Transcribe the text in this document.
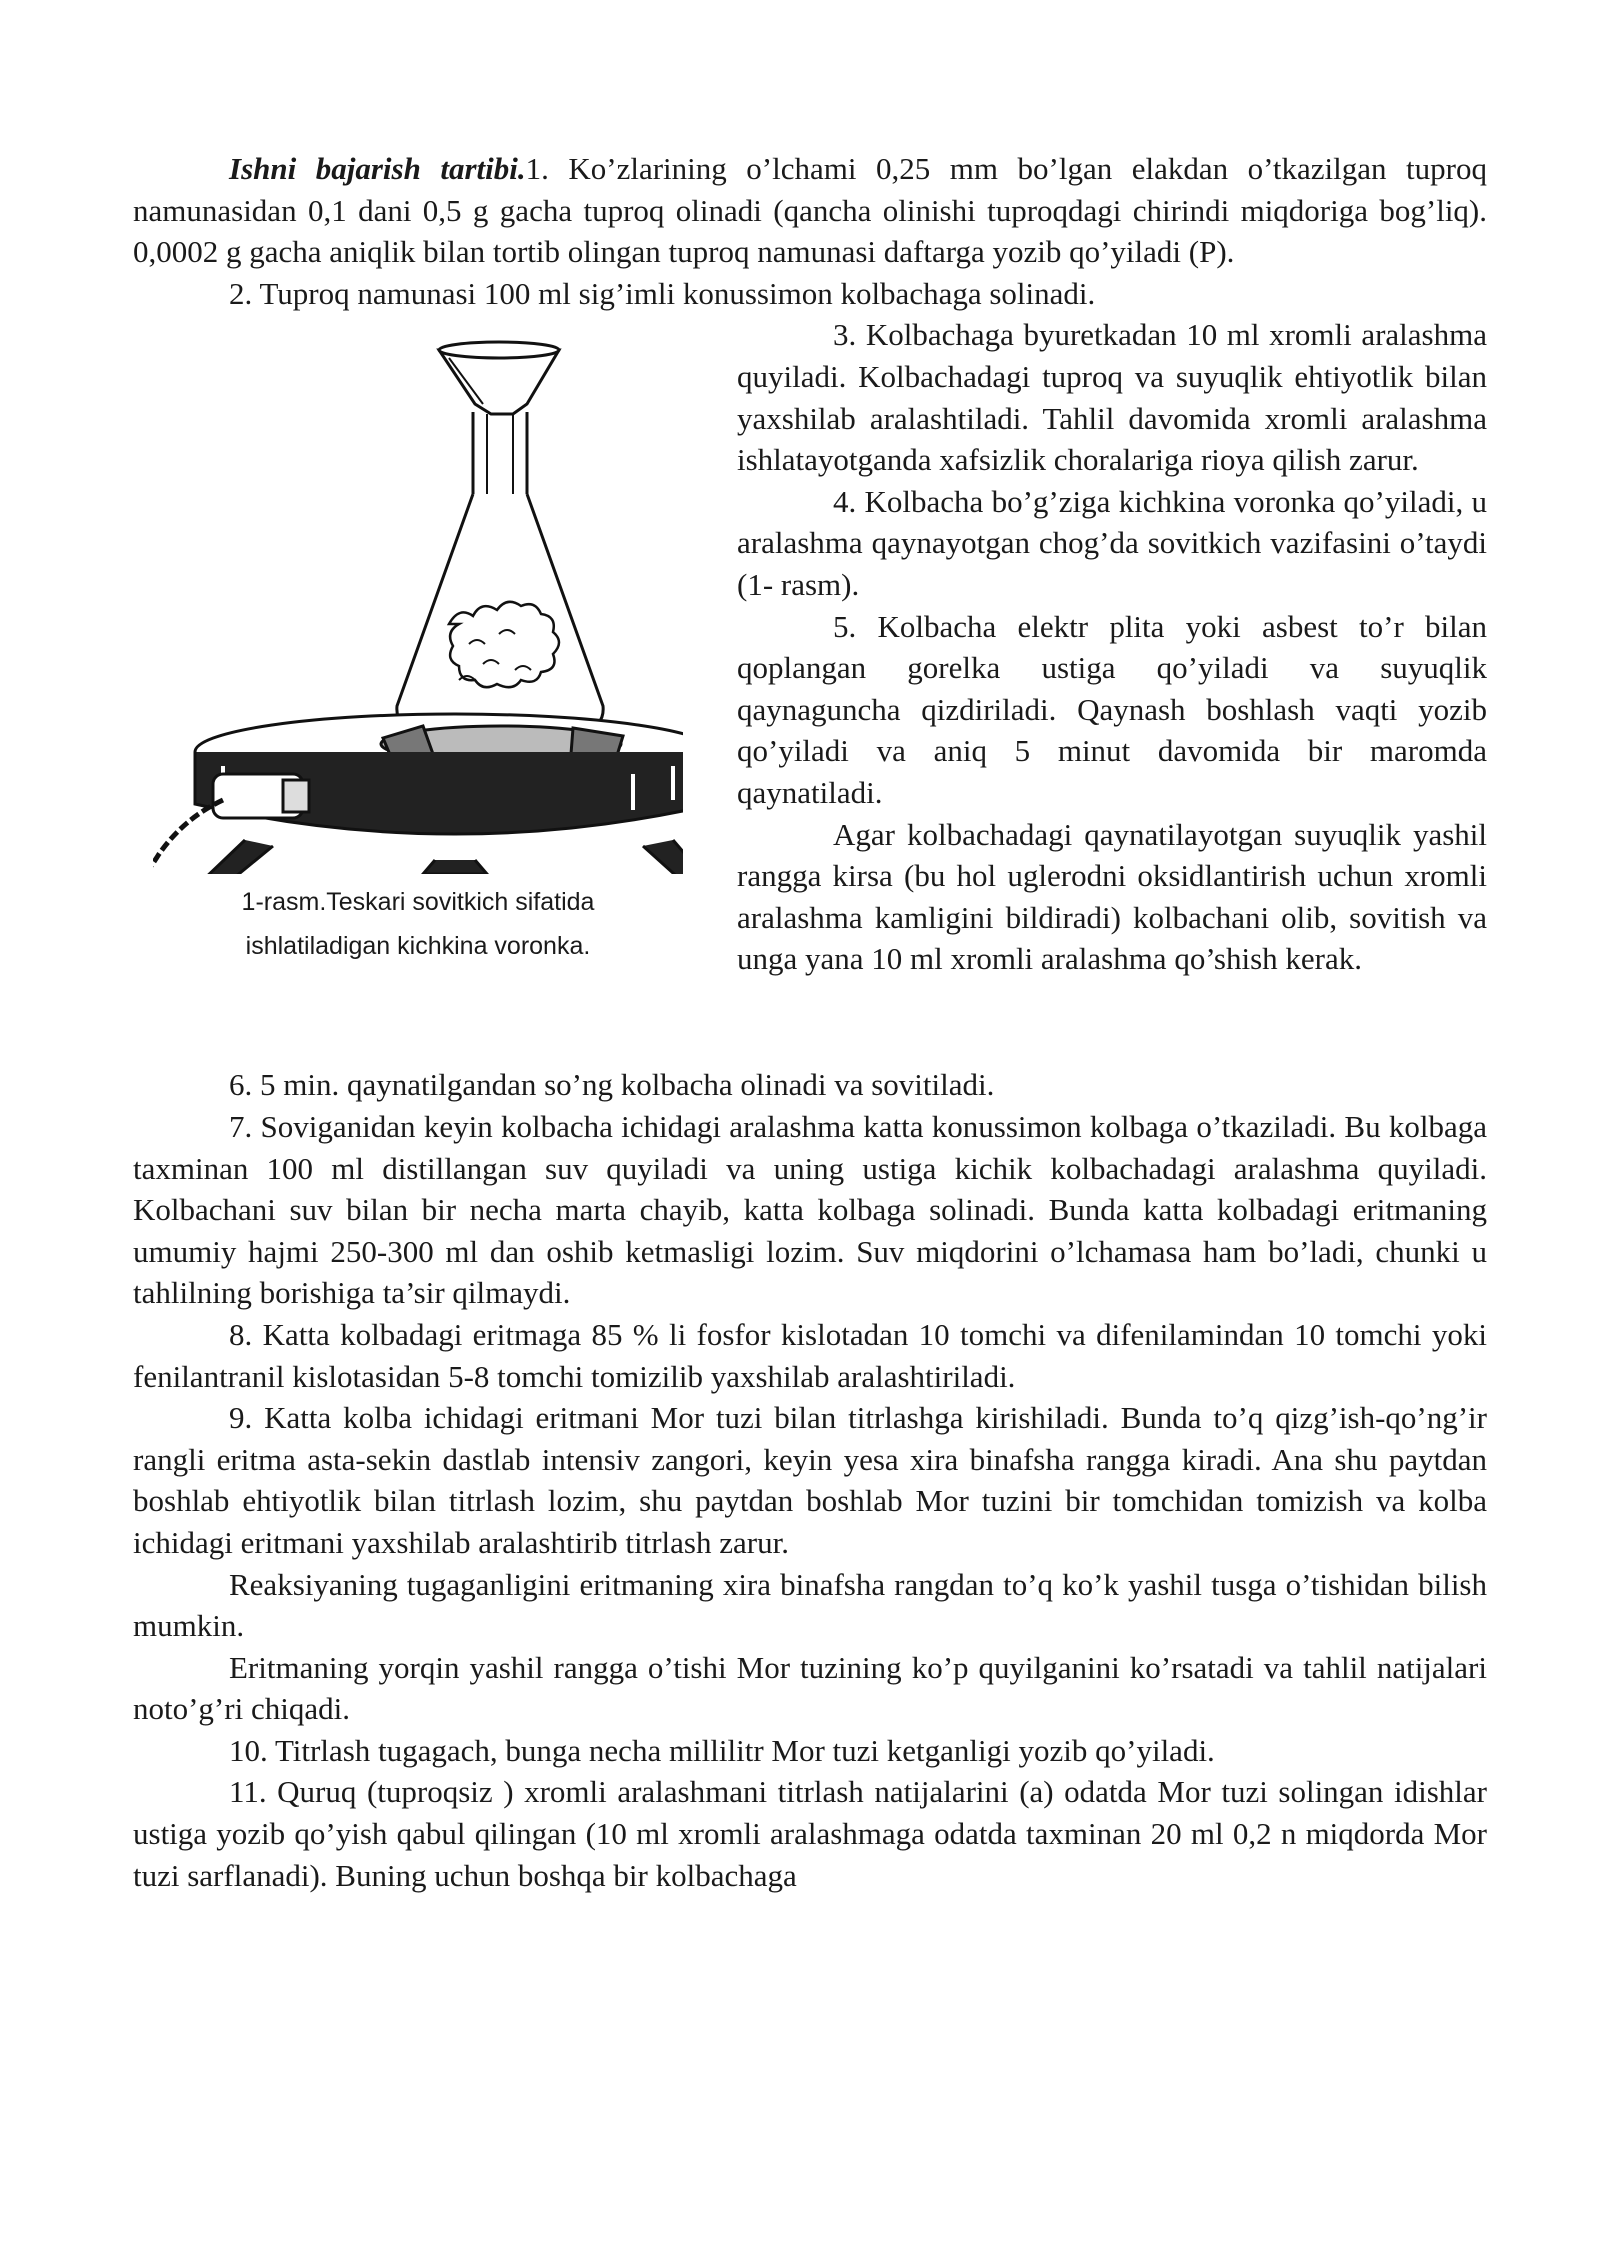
Ishni bajarish tartibi.1. Ko’zlarining o’lchami 0,25 mm bo’lgan elakdan o’tkazilgan tuproq namunasidan 0,1 dani 0,5 g gacha tuproq olinadi (qancha olinishi tuproqdagi chirindi miqdoriga bog’liq). 0,0002 g gacha aniqlik bilan tortib olingan tuproq namunasi daftarga yozib qo’yiladi (P).

2. Tuproq namunasi 100 ml sig’imli konussimon kolbachaga solinadi.

1-rasm.Teskari sovitkich sifatida
ishlatiladigan kichkina voronka.

3. Kolbachaga byuretkadan 10 ml xromli aralashma quyiladi. Kolbachadagi tuproq va suyuqlik ehtiyotlik bilan yaxshilab aralashtiladi. Tahlil davomida xromli aralashma ishlatayotganda xafsizlik choralariga rioya qilish zarur.

4. Kolbacha bo’g’ziga kichkina voronka qo’yiladi, u aralashma qaynayotgan chog’da sovitkich vazifasini o’taydi (1- rasm).

5. Kolbacha elektr plita yoki asbest to’r bilan qoplangan gorelka ustiga qo’yiladi va suyuqlik qaynaguncha qizdiriladi. Qaynash boshlash vaqti yozib qo’yiladi va aniq 5 minut davomida bir maromda qaynatiladi.

Agar kolbachadagi qaynatilayotgan suyuqlik yashil rangga kirsa (bu hol uglerodni oksidlantirish uchun xromli aralashma kamligini bildiradi) kolbachani olib, sovitish va unga yana 10 ml xromli aralashma qo’shish kerak.

6. 5 min. qaynatilgandan so’ng kolbacha olinadi va sovitiladi.

7. Soviganidan keyin kolbacha ichidagi aralashma katta konussimon kolbaga o’tkaziladi. Bu kolbaga taxminan 100 ml distillangan suv quyiladi va uning ustiga kichik kolbachadagi aralashma quyiladi. Kolbachani suv bilan bir necha marta chayib, katta kolbaga solinadi. Bunda katta kolbadagi eritmaning umumiy hajmi 250-300 ml dan oshib ketmasligi lozim. Suv miqdorini o’lchamasa ham bo’ladi, chunki u tahlilning borishiga ta’sir qilmaydi.

8. Katta kolbadagi eritmaga 85 % li fosfor kislotadan 10 tomchi va difenilamindan 10 tomchi yoki fenilantranil kislotasidan 5-8 tomchi tomizilib yaxshilab aralashtiriladi.

9. Katta kolba ichidagi eritmani Mor tuzi bilan titrlashga kirishiladi. Bunda to’q qizg’ish-qo’ng’ir rangli eritma asta-sekin dastlab intensiv zangori, keyin yesa xira binafsha rangga kiradi. Ana shu paytdan boshlab ehtiyotlik bilan titrlash lozim, shu paytdan boshlab Mor tuzini bir tomchidan tomizish va kolba ichidagi eritmani yaxshilab aralashtirib titrlash zarur.

Reaksiyaning tugaganligini eritmaning xira binafsha rangdan to’q ko’k yashil tusga o’tishidan bilish mumkin.

Eritmaning yorqin yashil rangga o’tishi Mor tuzining ko’p quyilganini ko’rsatadi va tahlil natijalari noto’g’ri chiqadi.

10. Titrlash tugagach, bunga necha millilitr Mor tuzi ketganligi yozib qo’yiladi.

11. Quruq (tuproqsiz ) xromli aralashmani titrlash natijalarini (a) odatda Mor tuzi solingan idishlar ustiga yozib qo’yish qabul qilingan (10 ml xromli aralashmaga odatda taxminan 20 ml 0,2 n miqdorda Mor tuzi sarflanadi). Buning uchun boshqa bir kolbachaga
